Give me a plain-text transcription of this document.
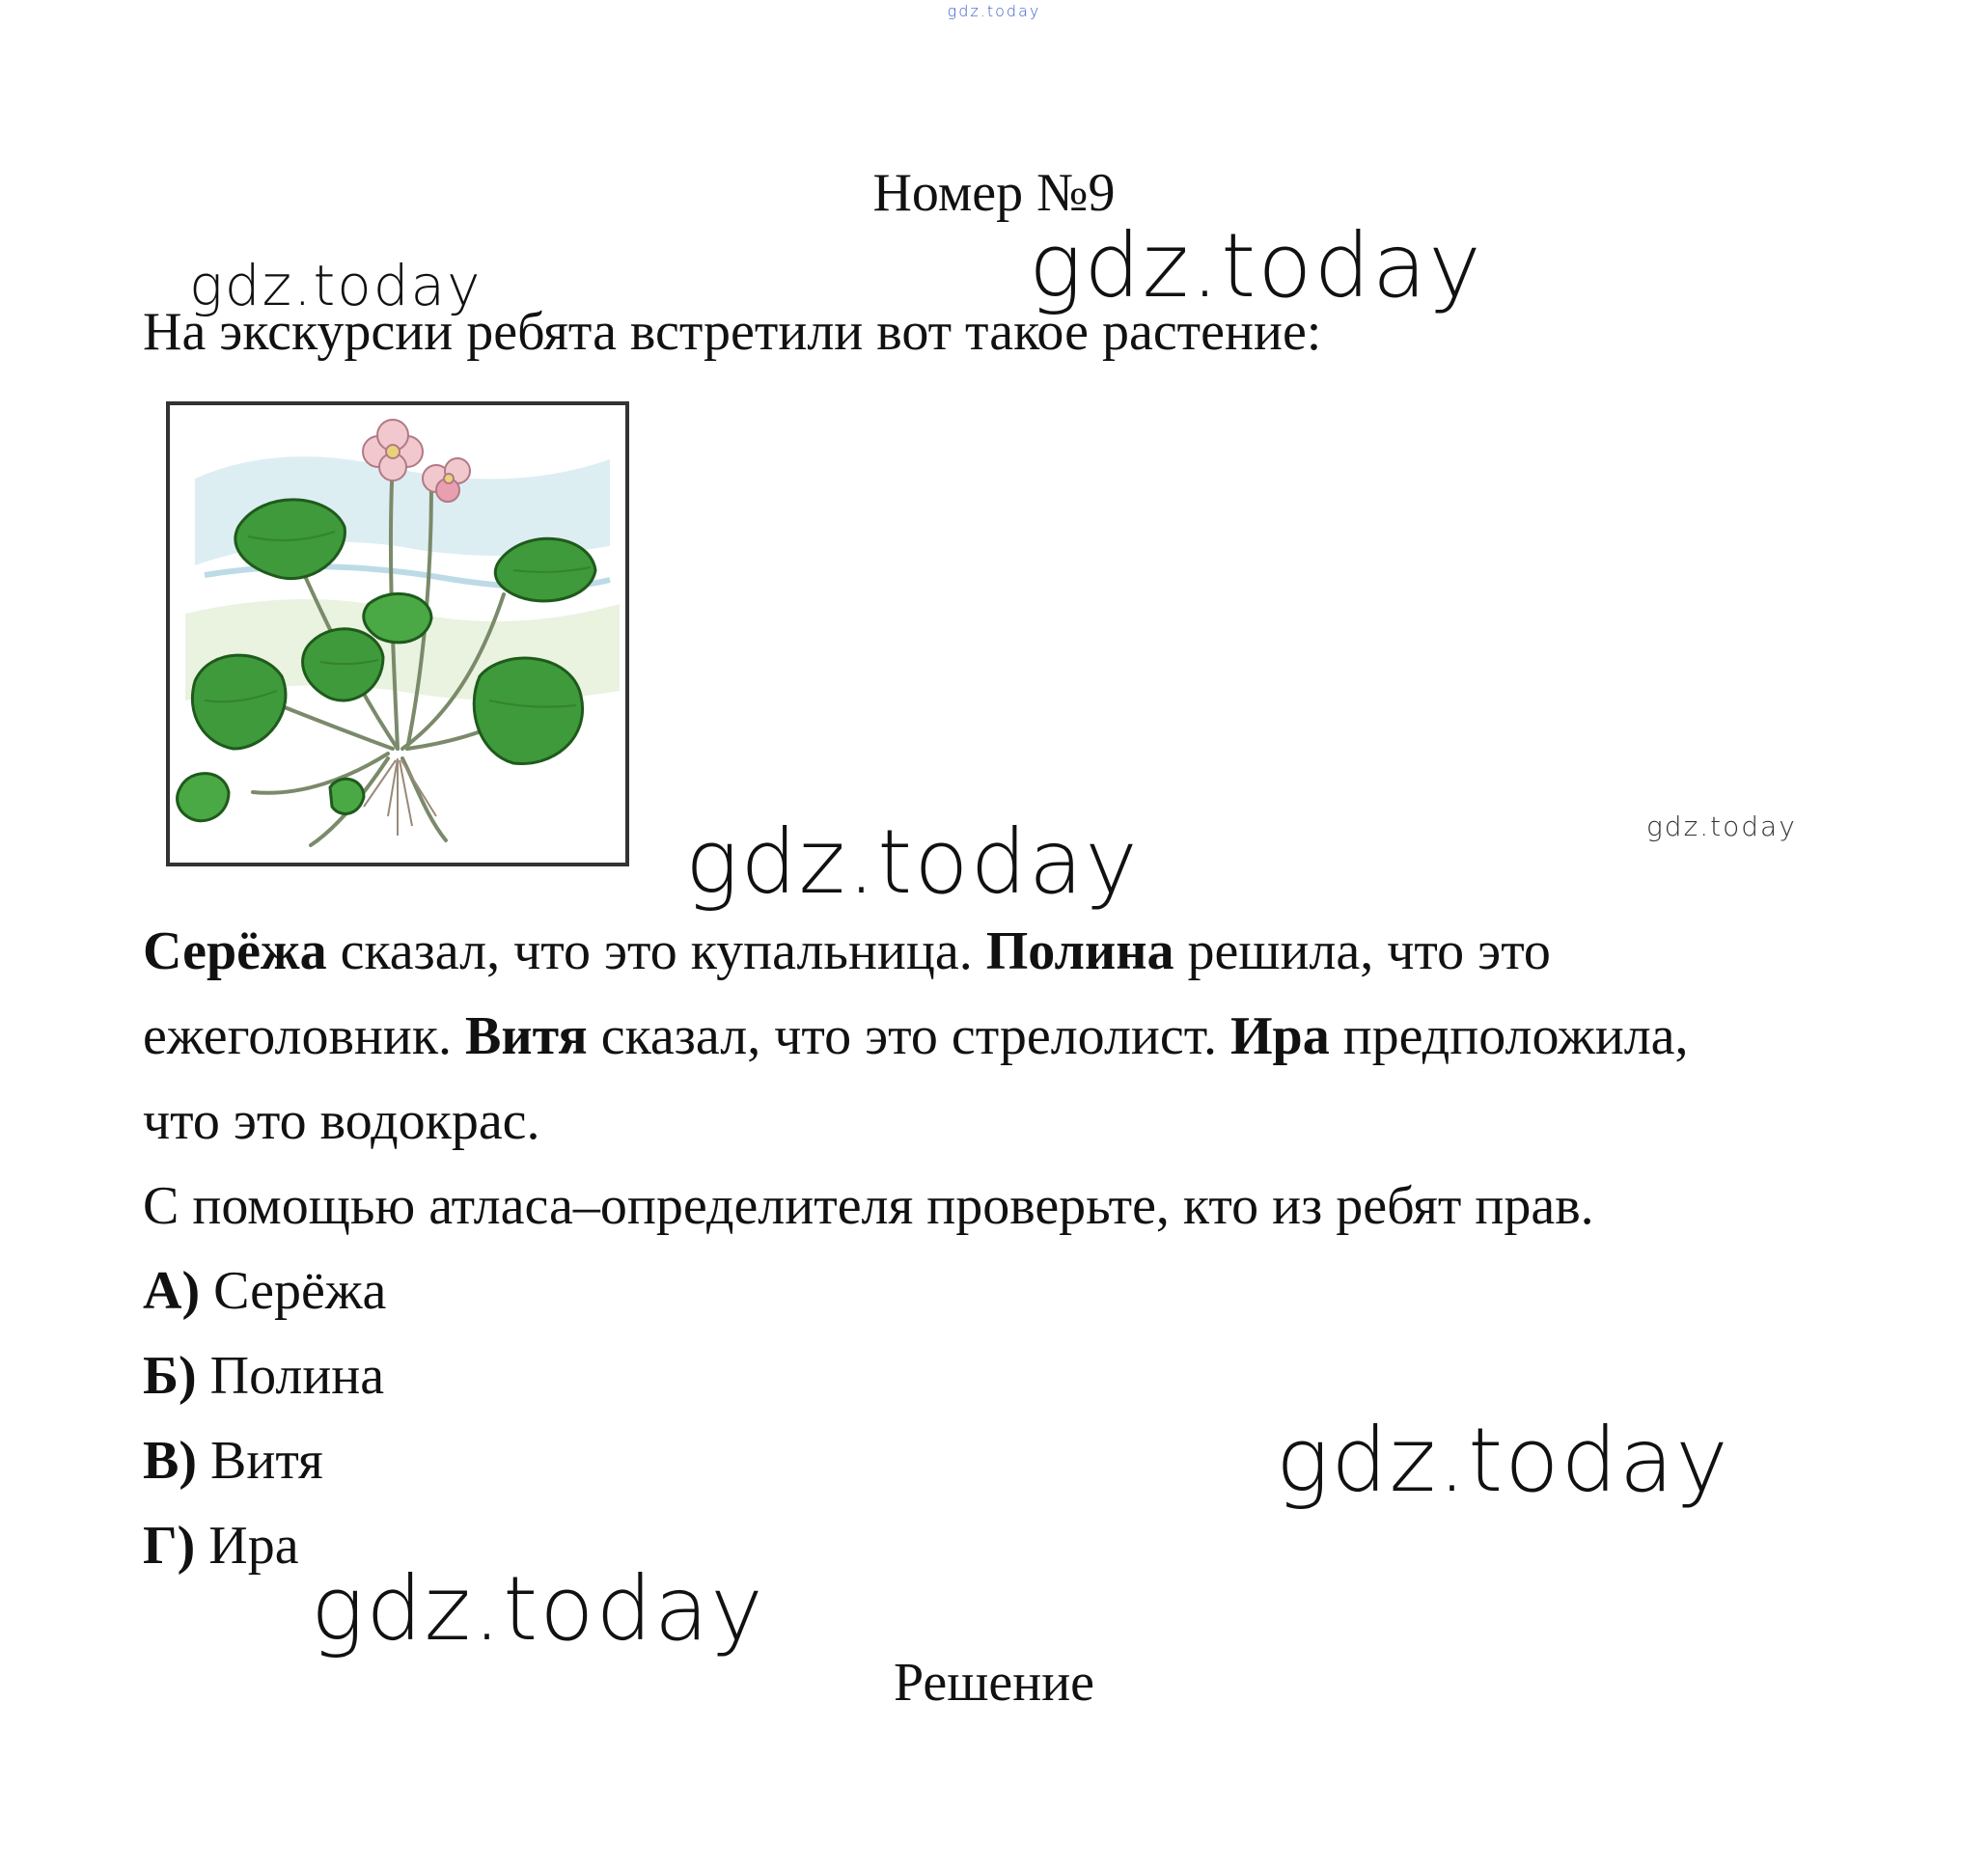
gdz.today
gdz.today
gdz.today
gdz.today	gdz.today
gdz.today
gdz.today
Номер №9
На экскурсии ребята встретили вот такое растение:
Серёжа сказал, что это купальница. Полина решила, что это
ежеголовник. Витя сказал, что это стрелолист. Ира предположила,
что это водокрас.
С помощью атласа–определителя проверьте, кто из ребят прав.
А) Серёжа
Б) Полина
В) Витя
Г) Ира
Решение
